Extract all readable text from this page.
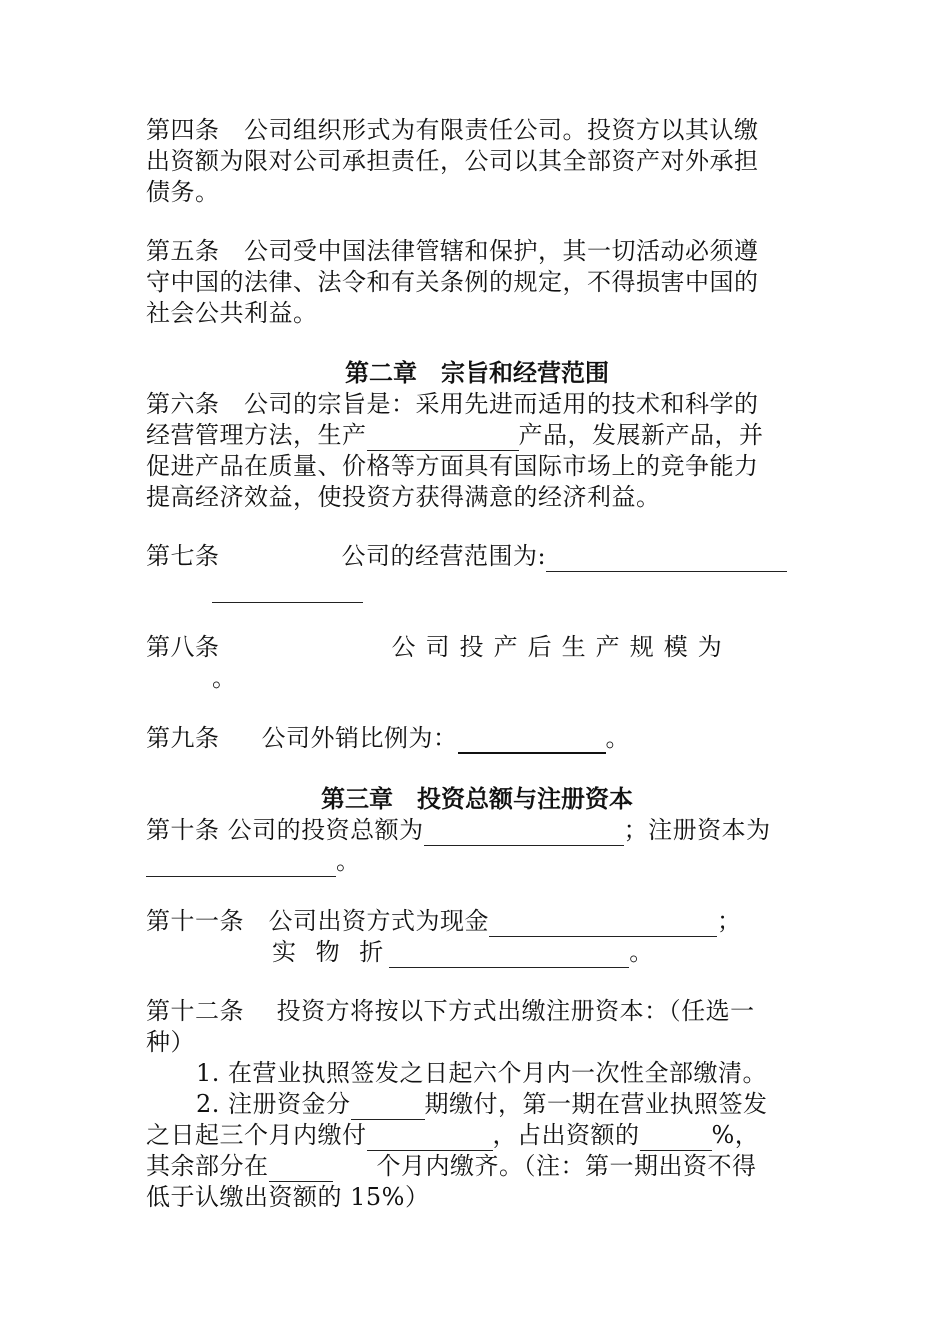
第四条　公司组织形式为有限责任公司。投资方以其认缴
出资额为限对公司承担责任，公司以其全部资产对外承担
债务。
第五条　公司受中国法律管辖和保护，其一切活动必须遵
守中国的法律、法令和有关条例的规定，不得损害中国的
社会公共利益。
第二章　宗旨和经营范围
第六条　公司的宗旨是：采用先进而适用的技术和科学的
经营管理方法，生产	产品，发展新产品，并
促进产品在质量、价格等方面具有国际市场上的竞争能力
提高经济效益，使投资方获得满意的经济利益。
第七条	公司的经营范围为:
第八条	公 司 投 产 后 生 产 规 模 为
。
第九条 公司外销比例为：	。
第三章　投资总额与注册资本
第十条 公司的投资总额为	；注册资本为
。
第十一条　公司出资方式为现金	；
实 物 折	。
第十二条　 投资方将按以下方式出缴注册资本：（任选一
种）
1. 在营业执照签发之日起六个月内一次性全部缴清。
2. 注册资金分	期缴付，第一期在营业执照签发
之日起三个月内缴付	，占出资额的	%，
其余部分在	个月内缴齐。（注：第一期出资不得
低于认缴出资额的 15%）
